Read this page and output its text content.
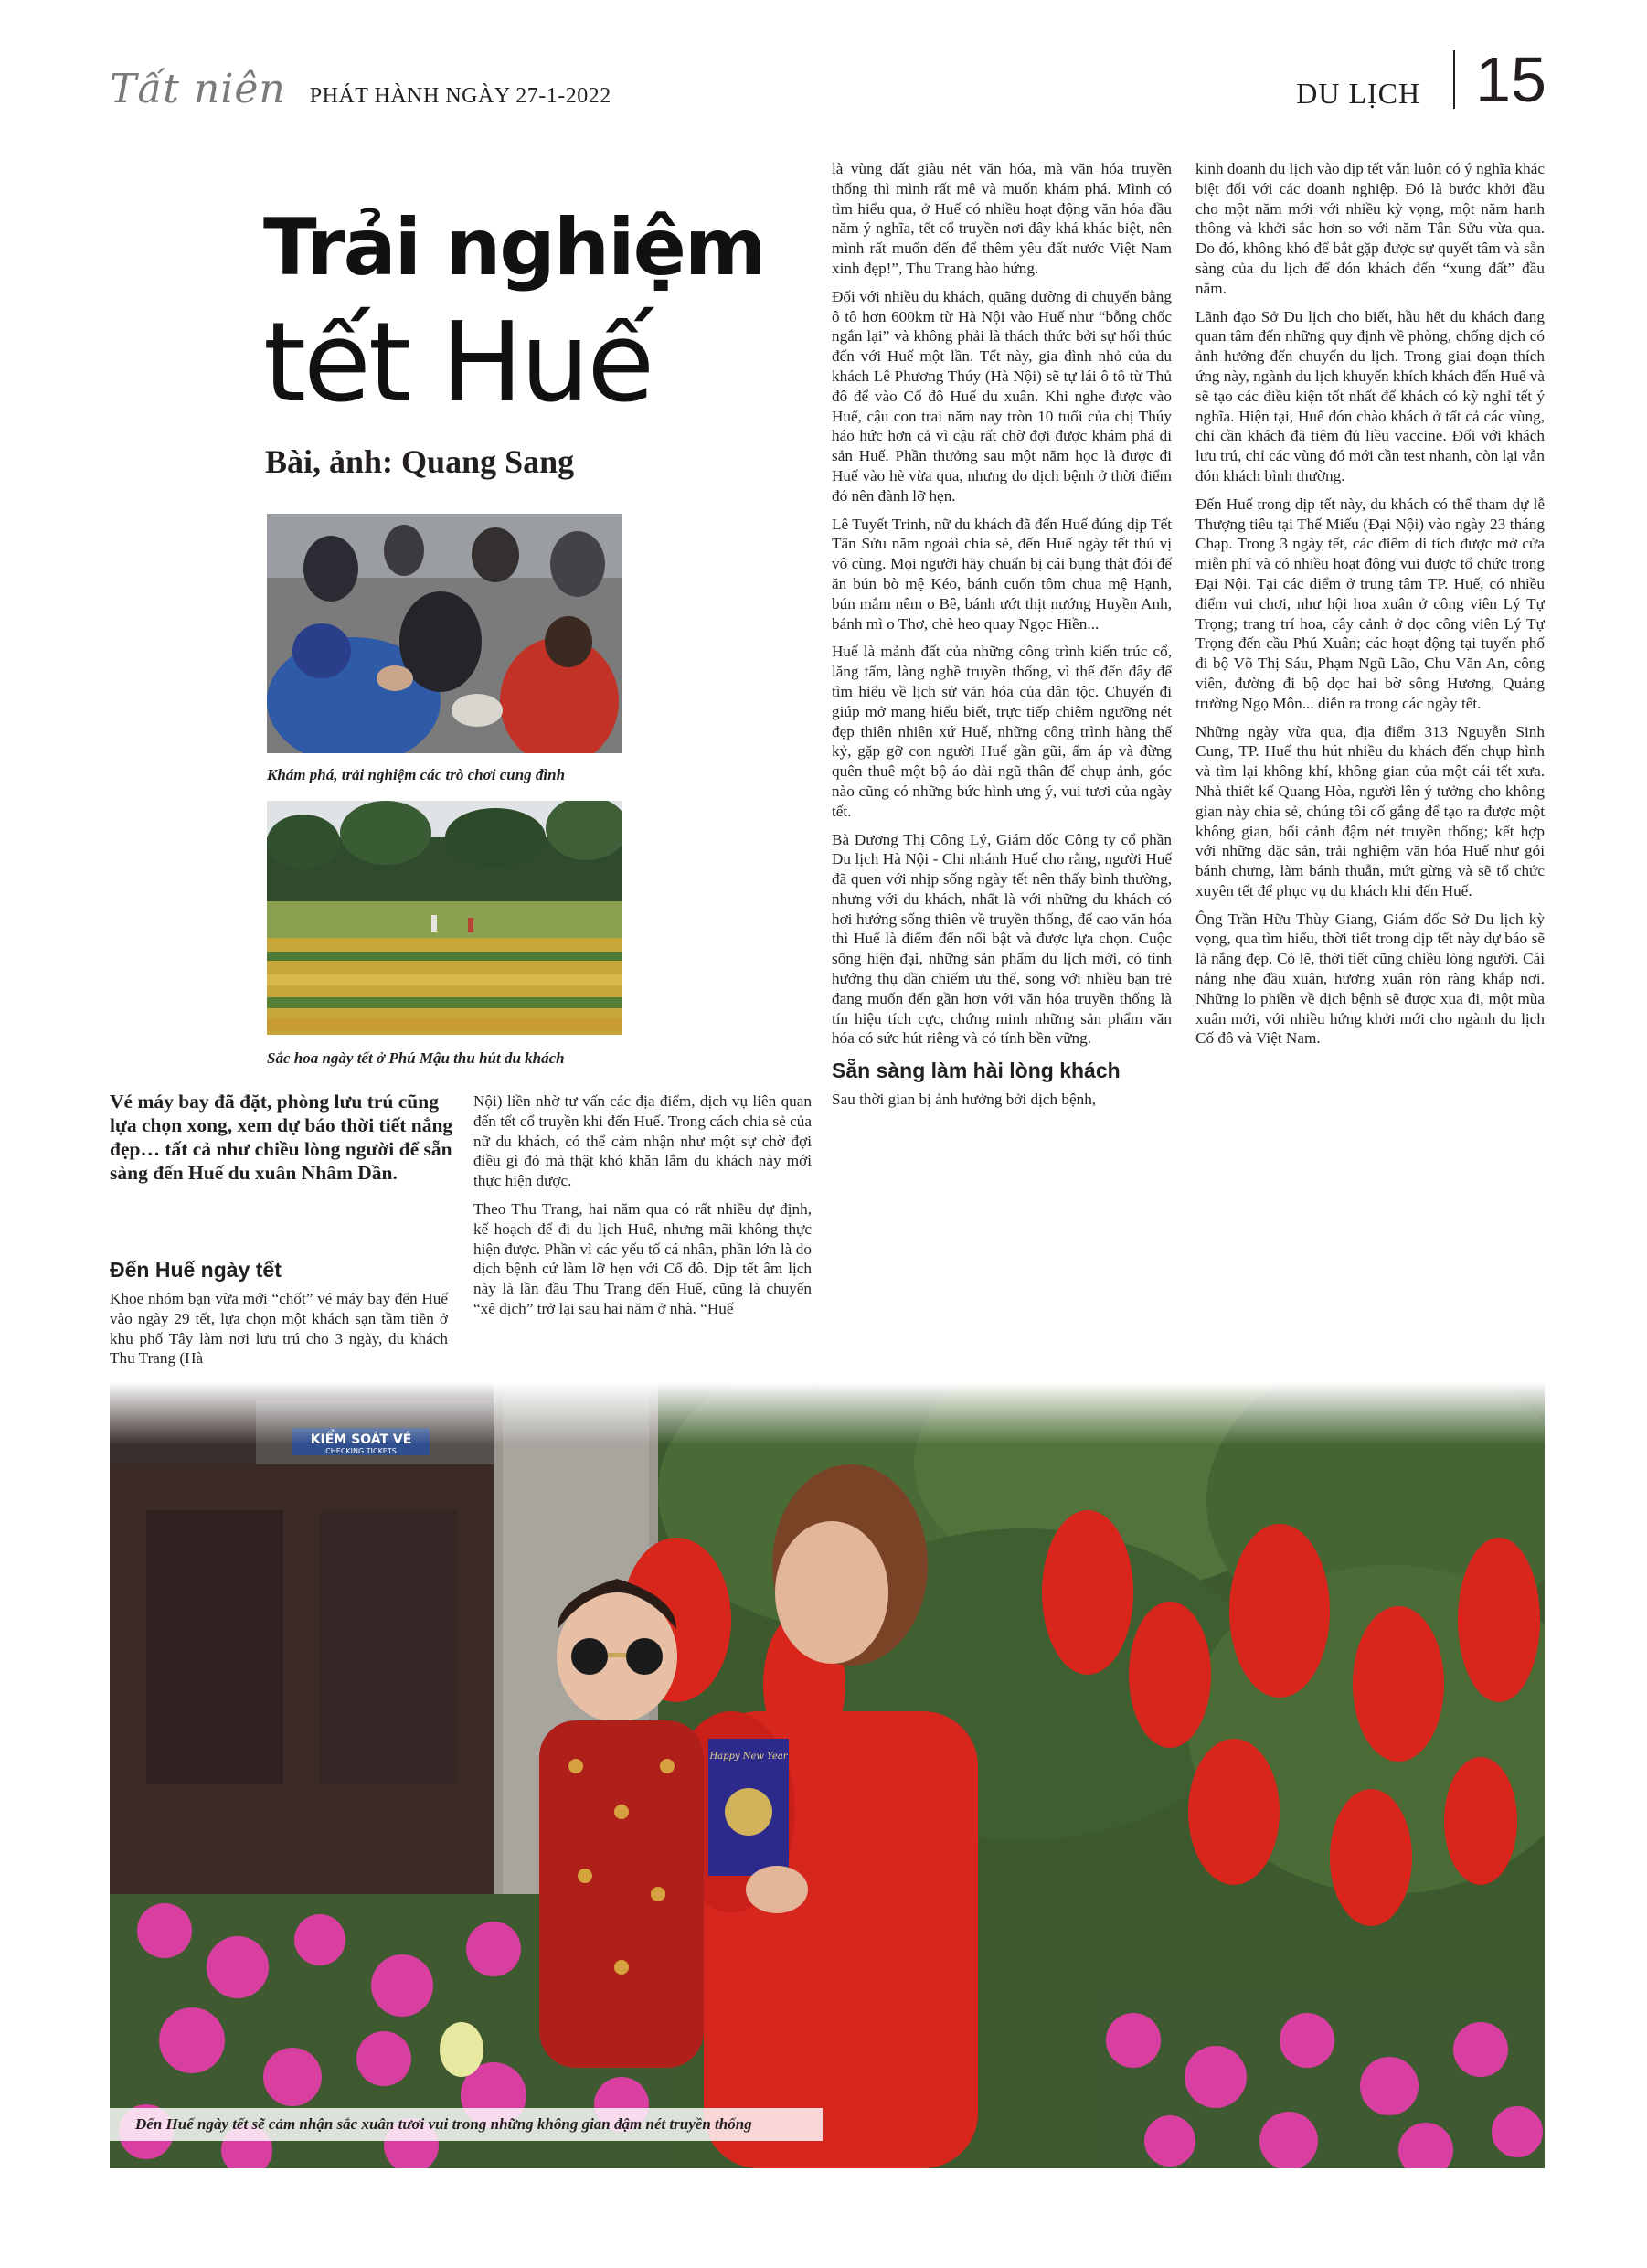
Tất niên PHÁT HÀNH NGÀY 27-1-2022	DU LỊCH 15
Trải nghiệm
tết Huế
Bài, ảnh: Quang Sang
Khám phá, trải nghiệm các trò chơi cung đình
Sắc hoa ngày tết ở Phú Mậu thu hút du khách
Vé máy bay đã đặt, phòng lưu trú cũng lựa chọn xong, xem dự báo thời tiết nắng đẹp… tất cả như chiều lòng người để sẵn sàng đến Huế du xuân Nhâm Dần.
Đến Huế ngày tết

Khoe nhóm bạn vừa mới “chốt” vé máy bay đến Huế vào ngày 29 tết, lựa chọn một khách sạn tầm tiền ở khu phố Tây làm nơi lưu trú cho 3 ngày, du khách Thu Trang (Hà

Nội) liền nhờ tư vấn các địa điểm, dịch vụ liên quan đến tết cổ truyền khi đến Huế. Trong cách chia sẻ của nữ du khách, có thể cảm nhận như một sự chờ đợi điều gì đó mà thật khó khăn lắm du khách này mới thực hiện được.

Theo Thu Trang, hai năm qua có rất nhiều dự định, kế hoạch để đi du lịch Huế, nhưng mãi không thực hiện được. Phần vì các yếu tố cá nhân, phần lớn là do dịch bệnh cứ làm lỡ hẹn với Cố đô. Dịp tết âm lịch này là lần đầu Thu Trang đến Huế, cũng là chuyến “xê dịch” trở lại sau hai năm ở nhà. “Huế

là vùng đất giàu nét văn hóa, mà văn hóa truyền thống thì mình rất mê và muốn khám phá. Mình có tìm hiểu qua, ở Huế có nhiều hoạt động văn hóa đầu năm ý nghĩa, tết cổ truyền nơi đây khá khác biệt, nên mình rất muốn đến để thêm yêu đất nước Việt Nam xinh đẹp!”, Thu Trang hào hứng.

Đối với nhiều du khách, quãng đường di chuyển bằng ô tô hơn 600km từ Hà Nội vào Huế như “bỗng chốc ngắn lại” và không phải là thách thức bởi sự hối thúc đến với Huế một lần. Tết này, gia đình nhỏ của du khách Lê Phương Thúy (Hà Nội) sẽ tự lái ô tô từ Thủ đô để vào Cố đô Huế du xuân. Khi nghe được vào Huế, cậu con trai năm nay tròn 10 tuổi của chị Thúy háo hức hơn cả vì cậu rất chờ đợi được khám phá di sản Huế. Phần thưởng sau một năm học là được đi Huế vào hè vừa qua, nhưng do dịch bệnh ở thời điểm đó nên đành lỡ hẹn.

Lê Tuyết Trinh, nữ du khách đã đến Huế đúng dịp Tết Tân Sửu năm ngoái chia sẻ, đến Huế ngày tết thú vị vô cùng. Mọi người hãy chuẩn bị cái bụng thật đói để ăn bún bò mệ Kéo, bánh cuốn tôm chua mệ Hạnh, bún mắm nêm o Bê, bánh ướt thịt nướng Huyền Anh, bánh mì o Thơ, chè heo quay Ngọc Hiền...

Huế là mảnh đất của những công trình kiến trúc cổ, lăng tẩm, làng nghề truyền thống, vì thế đến đây để tìm hiểu về lịch sử văn hóa của dân tộc. Chuyến đi giúp mở mang hiểu biết, trực tiếp chiêm ngưỡng nét đẹp thiên nhiên xứ Huế, những công trình hàng thế kỷ, gặp gỡ con người Huế gần gũi, ấm áp và đừng quên thuê một bộ áo dài ngũ thân để chụp ảnh, góc nào cũng có những bức hình ưng ý, vui tươi của ngày tết.

Bà Dương Thị Công Lý, Giám đốc Công ty cổ phần Du lịch Hà Nội - Chi nhánh Huế cho rằng, người Huế đã quen với nhịp sống ngày tết nên thấy bình thường, nhưng với du khách, nhất là với những du khách có hơi hướng sống thiên về truyền thống, để cao văn hóa thì Huế là điểm đến nổi bật và được lựa chọn. Cuộc sống hiện đại, những sản phẩm du lịch mới, có tính hướng thụ dần chiếm ưu thế, song với nhiều bạn trẻ đang muốn đến gần hơn với văn hóa truyền thống là tín hiệu tích cực, chứng minh những sản phẩm văn hóa có sức hút riêng và có tính bền vững.

Sẵn sàng làm hài lòng khách

Sau thời gian bị ảnh hưởng bởi dịch bệnh,

kinh doanh du lịch vào dịp tết vẫn luôn có ý nghĩa khác biệt đối với các doanh nghiệp. Đó là bước khởi đầu cho một năm mới với nhiều kỳ vọng, một năm hanh thông và khởi sắc hơn so với năm Tân Sửu vừa qua. Do đó, không khó để bắt gặp được sự quyết tâm và sẵn sàng của du lịch để đón khách đến “xung đất” đầu năm.

Lãnh đạo Sở Du lịch cho biết, hầu hết du khách đang quan tâm đến những quy định về phòng, chống dịch có ảnh hưởng đến chuyến du lịch. Trong giai đoạn thích ứng này, ngành du lịch khuyến khích khách đến Huế và sẽ tạo các điều kiện tốt nhất để khách có kỳ nghỉ tết ý nghĩa. Hiện tại, Huế đón chào khách ở tất cả các vùng, chỉ cần khách đã tiêm đủ liều vaccine. Đối với khách lưu trú, chỉ các vùng đó mới cần test nhanh, còn lại vẫn đón khách bình thường.

Đến Huế trong dịp tết này, du khách có thể tham dự lễ Thượng tiêu tại Thế Miếu (Đại Nội) vào ngày 23 tháng Chạp. Trong 3 ngày tết, các điểm di tích được mở cửa miễn phí và có nhiều hoạt động vui được tổ chức trong Đại Nội. Tại các điểm ở trung tâm TP. Huế, có nhiều điểm vui chơi, như hội hoa xuân ở công viên Lý Tự Trọng; trang trí hoa, cây cảnh ở dọc công viên Lý Tự Trọng đến cầu Phú Xuân; các hoạt động tại tuyến phố đi bộ Võ Thị Sáu, Phạm Ngũ Lão, Chu Văn An, công viên, đường đi bộ dọc hai bờ sông Hương, Quảng trường Ngọ Môn... diễn ra trong các ngày tết.

Những ngày vừa qua, địa điểm 313 Nguyễn Sinh Cung, TP. Huế thu hút nhiều du khách đến chụp hình và tìm lại không khí, không gian của một cái tết xưa. Nhà thiết kế Quang Hòa, người lên ý tưởng cho không gian này chia sẻ, chúng tôi cố gắng để tạo ra được một không gian, bối cảnh đậm nét truyền thống; kết hợp với những đặc sản, trải nghiệm văn hóa Huế như gói bánh chưng, làm bánh thuẫn, mứt gừng và sẽ tổ chức xuyên tết để phục vụ du khách khi đến Huế.

Ông Trần Hữu Thùy Giang, Giám đốc Sở Du lịch kỳ vọng, qua tìm hiểu, thời tiết trong dịp tết này dự báo sẽ là nắng đẹp. Có lẽ, thời tiết cũng chiều lòng người. Cái nắng nhẹ đầu xuân, hương xuân rộn ràng khắp nơi. Những lo phiền về dịch bệnh sẽ được xua đi, một mùa xuân mới, với nhiều hứng khởi mới cho ngành du lịch Cố đô và Việt Nam.

Đến Huế ngày tết sẽ cảm nhận sắc xuân tươi vui trong những không gian đậm nét truyền thống
